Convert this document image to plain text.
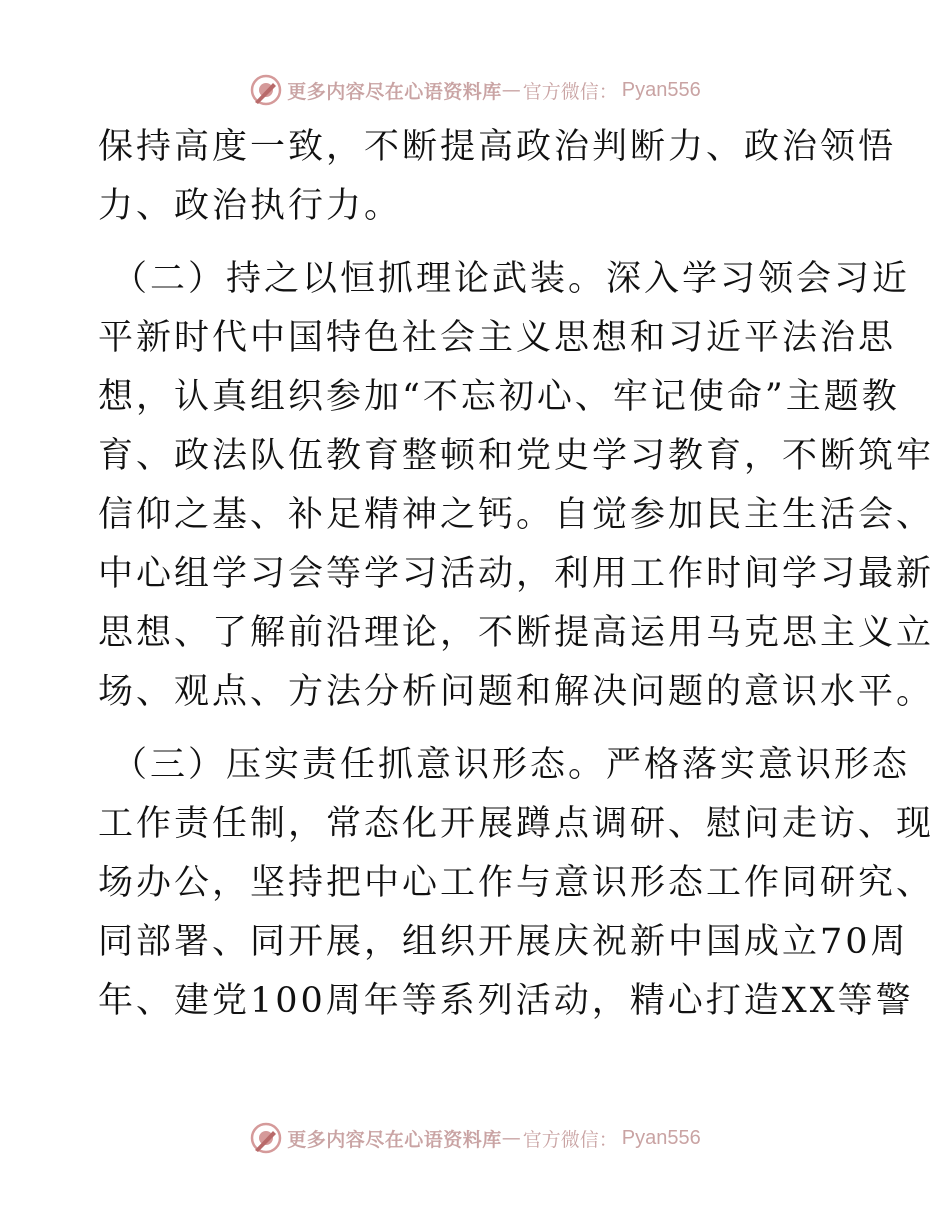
更多内容尽在心语资料库 — 官方微信： Pyan556
保持高度一致，不断提高政治判断力、政治领悟
力、政治执行力。
（二）持之以恒抓理论武装。深入学习领会习近
平新时代中国特色社会主义思想和习近平法治思
想，认真组织参加“不忘初心、牢记使命”主题教
育、政法队伍教育整顿和党史学习教育，不断筑牢
信仰之基、补足精神之钙。自觉参加民主生活会、
中心组学习会等学习活动，利用工作时间学习最新
思想、了解前沿理论，不断提高运用马克思主义立
场、观点、方法分析问题和解决问题的意识水平。
（三）压实责任抓意识形态。严格落实意识形态
工作责任制，常态化开展蹲点调研、慰问走访、现
场办公，坚持把中心工作与意识形态工作同研究、
同部署、同开展，组织开展庆祝新中国成立70周
年、建党100周年等系列活动，精心打造XX等警
更多内容尽在心语资料库 — 官方微信： Pyan556
